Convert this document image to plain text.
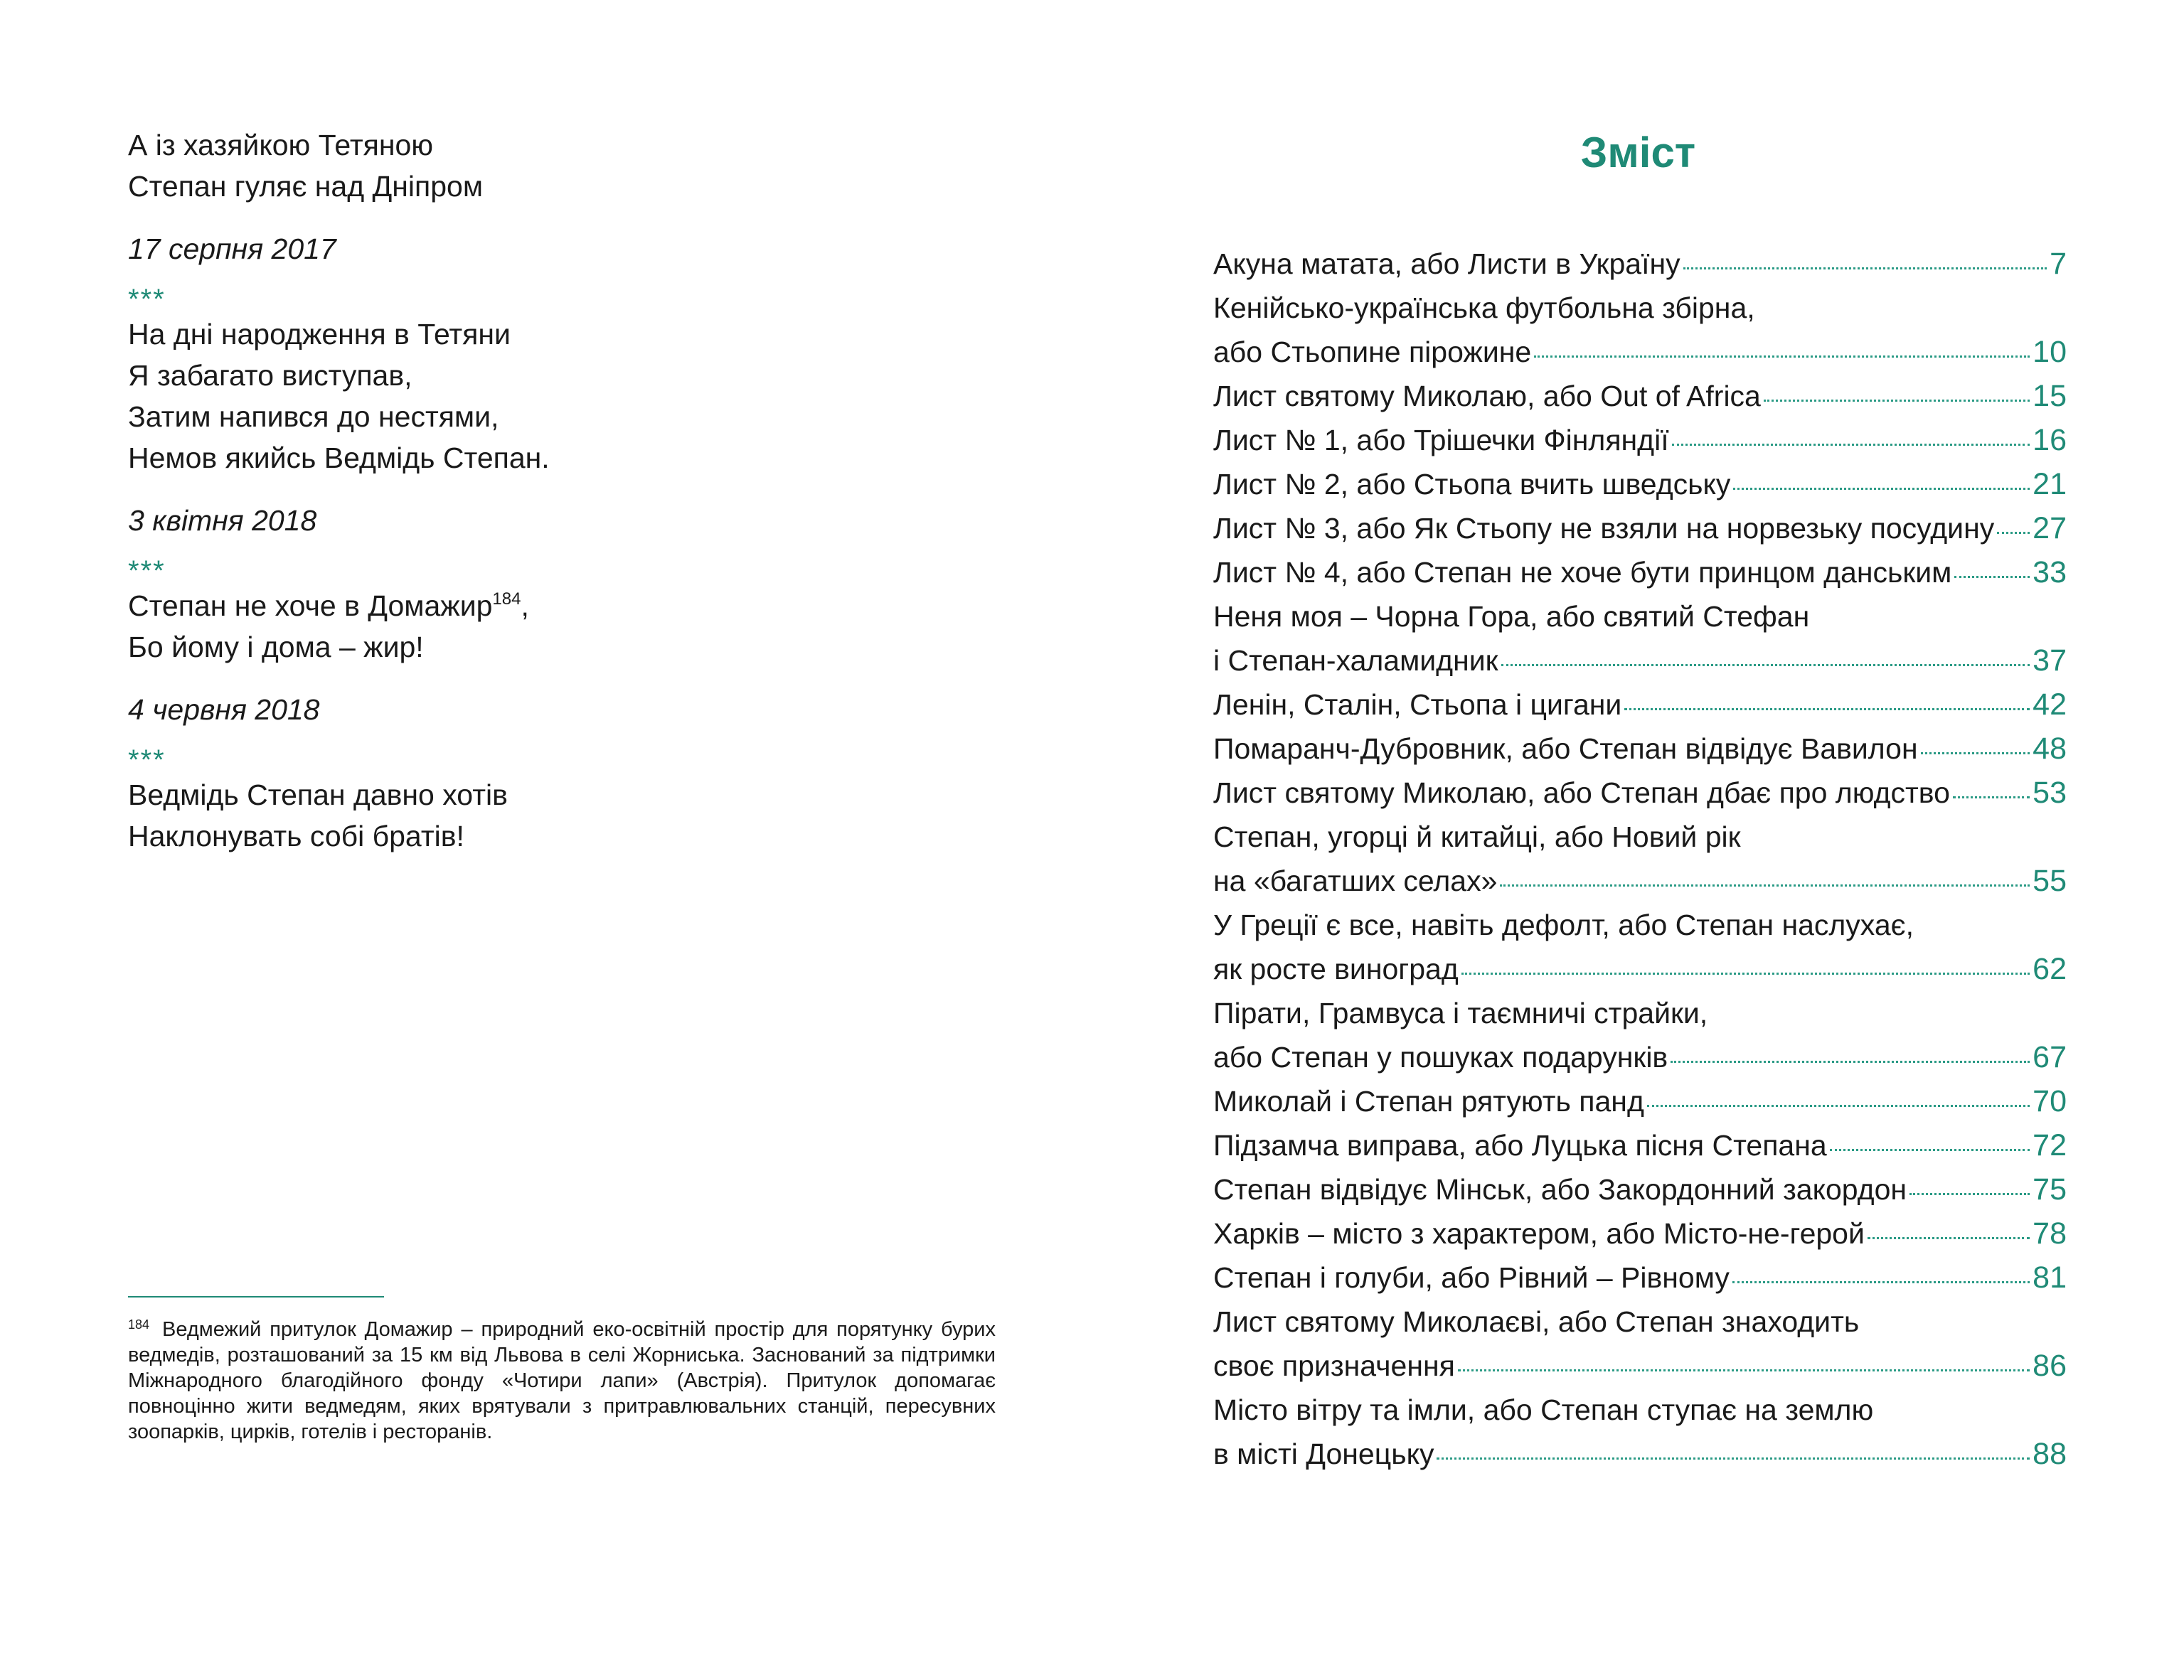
А із хазяйкою Тетяною
Степан гуляє над Дніпром
17 серпня 2017
***
На дні народження в Тетяни
Я забагато виступав,
Затим напився до нестями,
Немов якийсь Ведмідь Степан.
3 квітня 2018
***
Степан не хоче в Домажир$^{184}$,
Бо йому і дома – жир!
4 червня 2018
***
Ведмідь Степан давно хотів
Наклонувать собі братів!
$^{184}$ Ведмежий притулок Домажир – природний еко-освітній простір для порятунку бурих ведмедів, розташований за 15 км від Львова в селі Жорниська. Заснований за підтримки Міжнародного благодійного фонду «Чотири лапи» (Австрія). Притулок допомагає повноцінно жити ведмедям, яких врятували з притравлювальних станцій, пересувних зоопарків, цирків, готелів і ресторанів.
Зміст
Акуна матата, або Листи в Україну	7
Кенійсько-українська футбольна збірна,
або Стьопине пірожине	10
Лист святому Миколаю, або Out of Africa	15
Лист № 1, або Трішечки Фінляндії	16
Лист № 2, або Стьопа вчить шведську	21
Лист № 3, або Як Стьопу не взяли на норвезьку посудину 27
Лист № 4, або Степан не хоче бути принцом данським	33
Неня моя – Чорна Гора, або святий Стефан
і Степан-халамидник	37
Ленін, Сталін, Стьопа і цигани	42
Помаранч-Дубровник, або Степан відвідує Вавилон	48
Лист святому Миколаю, або Степан дбає про людство	53
Степан, угорці й китайці, або Новий рік
на «багатших селах»	55
У Греції є все, навіть дефолт, або Степан наслухає,
як росте виноград	62
Пірати, Грамвуса і таємничі страйки,
або Степан у пошуках подарунків	67
Миколай і Степан рятують панд	70
Підзамча виправа, або Луцька пісня Степана	72
Степан відвідує Мінськ, або Закордонний закордон	75
Харків – місто з характером, або Місто-не-герой	78
Степан і голуби, або Рівний – Рівному	81
Лист святому Миколаєві, або Степан знаходить
своє призначення	86
Місто вітру та імли, або Степан ступає на землю
в місті Донецьку	88
